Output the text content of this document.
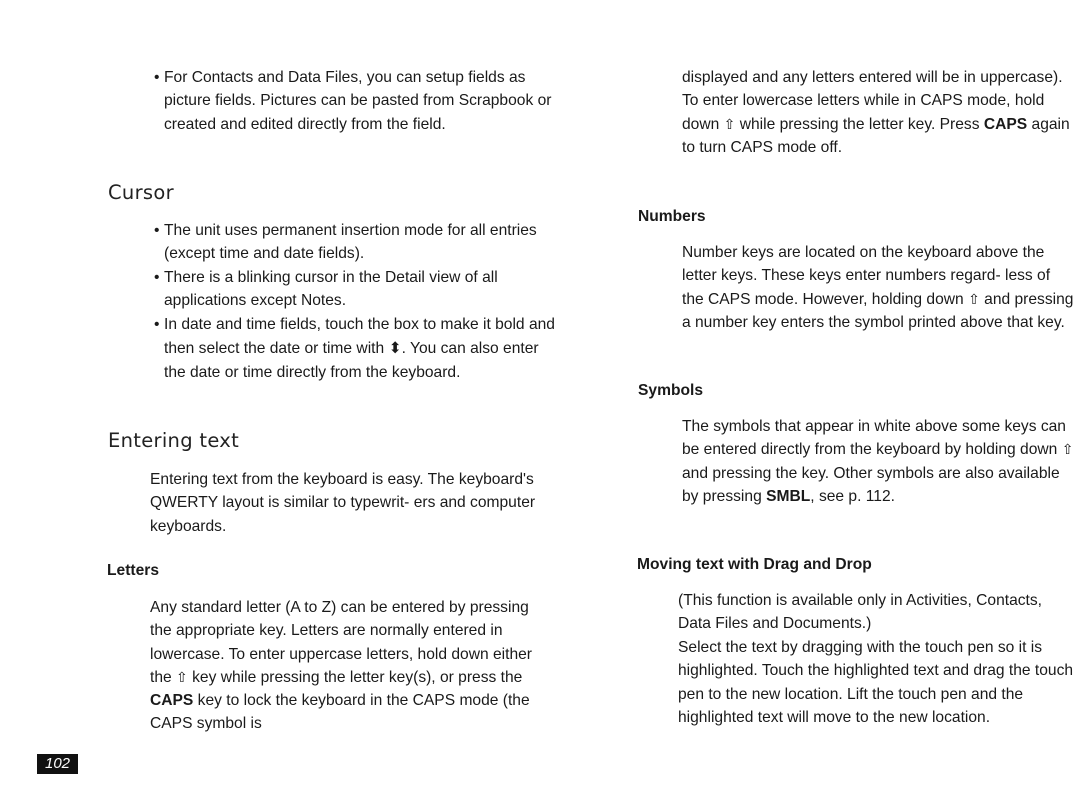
• For Contacts and Data Files, you can setup fields as picture fields. Pictures can be pasted from Scrapbook or created and edited directly from the field.

Cursor

• The unit uses permanent insertion mode for all entries (except time and date fields).

• There is a blinking cursor in the Detail view of all applications except Notes.

• In date and time fields, touch the box to make it bold and then select the date or time with ⬍. You can also enter the date or time directly from the keyboard.

Entering text

Entering text from the keyboard is easy. The keyboard's QWERTY layout is similar to typewrit- ers and computer keyboards.

Letters

Any standard letter (A to Z) can be entered by pressing the appropriate key. Letters are normally entered in lowercase. To enter uppercase letters, hold down either the ⇧ key while pressing the letter key(s), or press the CAPS key to lock the keyboard in the CAPS mode (the CAPS symbol is

102

displayed and any letters entered will be in uppercase). To enter lowercase letters while in CAPS mode, hold down ⇧ while pressing the letter key. Press CAPS again to turn CAPS mode off.

Numbers

Number keys are located on the keyboard above the letter keys. These keys enter numbers regard- less of the CAPS mode. However, holding down ⇧ and pressing a number key enters the symbol printed above that key.

Symbols

The symbols that appear in white above some keys can be entered directly from the keyboard by holding down ⇧ and pressing the key. Other symbols are also available by pressing SMBL, see p. 112.

Moving text with Drag and Drop

(This function is available only in Activities, Contacts, Data Files and Documents.)

Select the text by dragging with the touch pen so it is highlighted. Touch the highlighted text and drag the touch pen to the new location. Lift the touch pen and the highlighted text will move to the new location.
